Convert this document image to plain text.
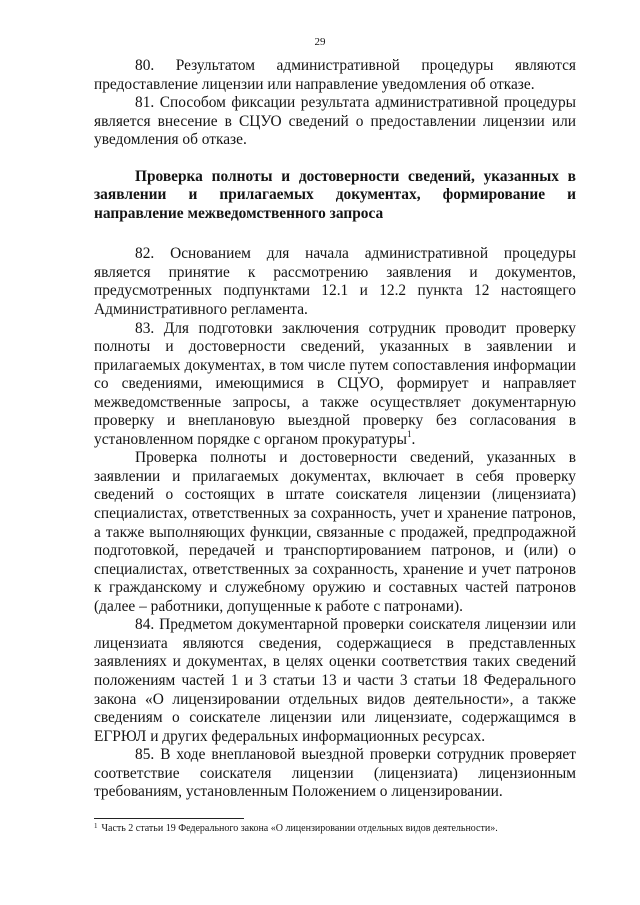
29

80. Результатом административной процедуры являются предоставление лицензии или направление уведомления об отказе.

81. Способом фиксации результата административной процедуры является внесение в СЦУО сведений о предоставлении лицензии или уведомления об отказе.

Проверка полноты и достоверности сведений, указанных в заявлении и прилагаемых документах, формирование и направление межведомственного запроса

82. Основанием для начала административной процедуры является принятие к рассмотрению заявления и документов, предусмотренных подпунктами 12.1 и 12.2 пункта 12 настоящего Административного регламента.

83. Для подготовки заключения сотрудник проводит проверку полноты и достоверности сведений, указанных в заявлении и прилагаемых документах, в том числе путем сопоставления информации со сведениями, имеющимися в СЦУО, формирует и направляет межведомственные запросы, а также осуществляет документарную проверку и внеплановую выездной проверку без согласования в установленном порядке с органом прокуратуры$^1$.

Проверка полноты и достоверности сведений, указанных в заявлении и прилагаемых документах, включает в себя проверку сведений о состоящих в штате соискателя лицензии (лицензиата) специалистах, ответственных за сохранность, учет и хранение патронов, а также выполняющих функции, связанные с продажей, предпродажной подготовкой, передачей и транспортированием патронов, и (или) о специалистах, ответственных за сохранность, хранение и учет патронов к гражданскому и служебному оружию и составных частей патронов (далее – работники, допущенные к работе с патронами).

84. Предметом документарной проверки соискателя лицензии или лицензиата являются сведения, содержащиеся в представленных заявлениях и документах, в целях оценки соответствия таких сведений положениям частей 1 и 3 статьи 13 и части 3 статьи 18 Федерального закона «О лицензировании отдельных видов деятельности», а также сведениям о соискателе лицензии или лицензиате, содержащимся в ЕГРЮЛ и других федеральных информационных ресурсах.

85. В ходе внеплановой выездной проверки сотрудник проверяет соответствие соискателя лицензии (лицензиата) лицензионным требованиям, установленным Положением о лицензировании.

$^1$ Часть 2 статьи 19 Федерального закона «О лицензировании отдельных видов деятельности».
